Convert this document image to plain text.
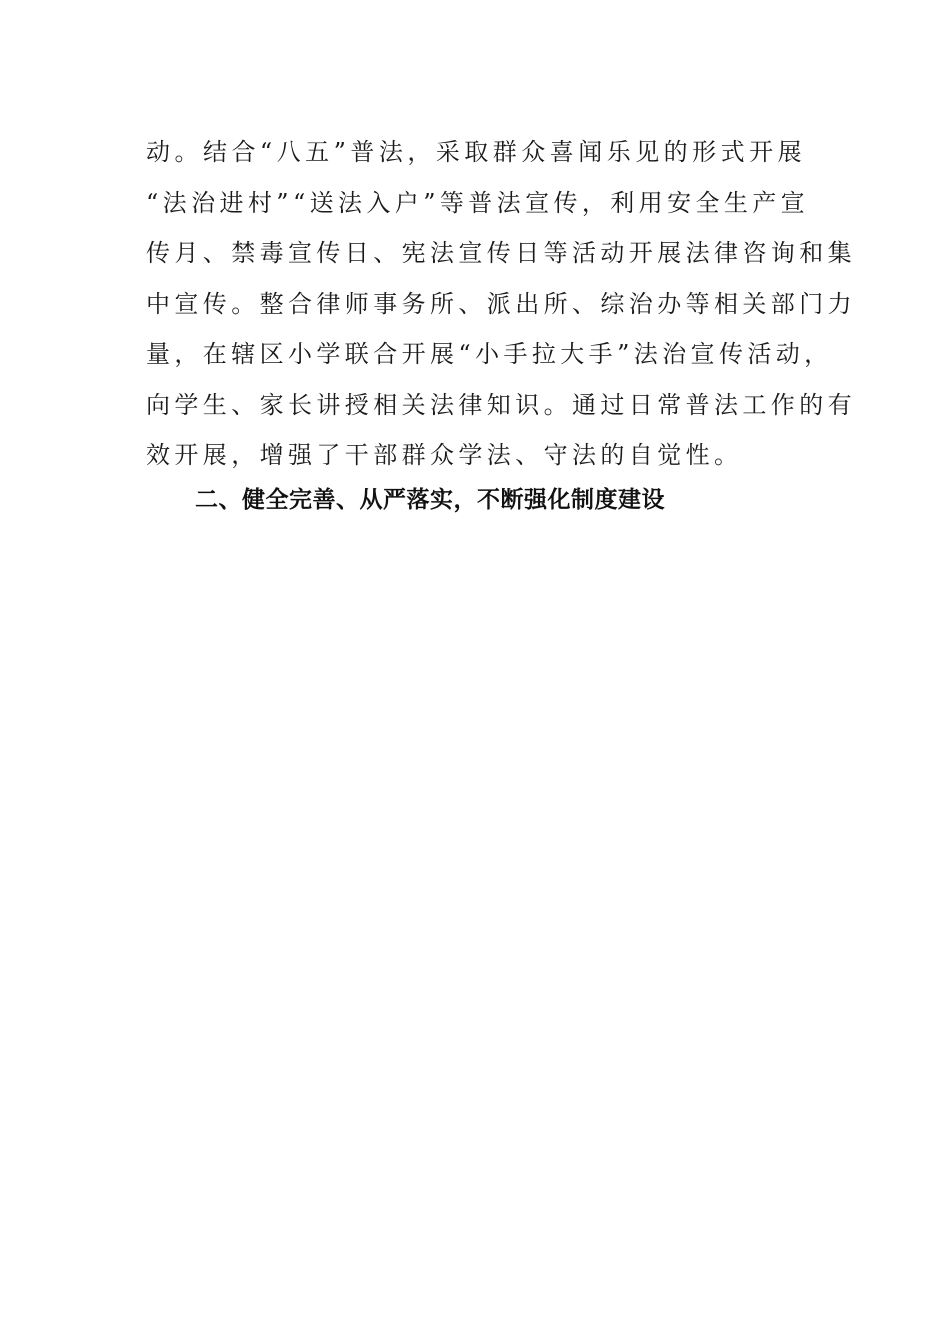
动。结合“八五”普法，采取群众喜闻乐见的形式开展
“法治进村”“送法入户”等普法宣传，利用安全生产宣
传月、禁毒宣传日、宪法宣传日等活动开展法律咨询和集
中宣传。整合律师事务所、派出所、综治办等相关部门力
量，在辖区小学联合开展“小手拉大手”法治宣传活动，
向学生、家长讲授相关法律知识。通过日常普法工作的有
效开展，增强了干部群众学法、守法的自觉性。

二、健全完善、从严落实，不断强化制度建设
